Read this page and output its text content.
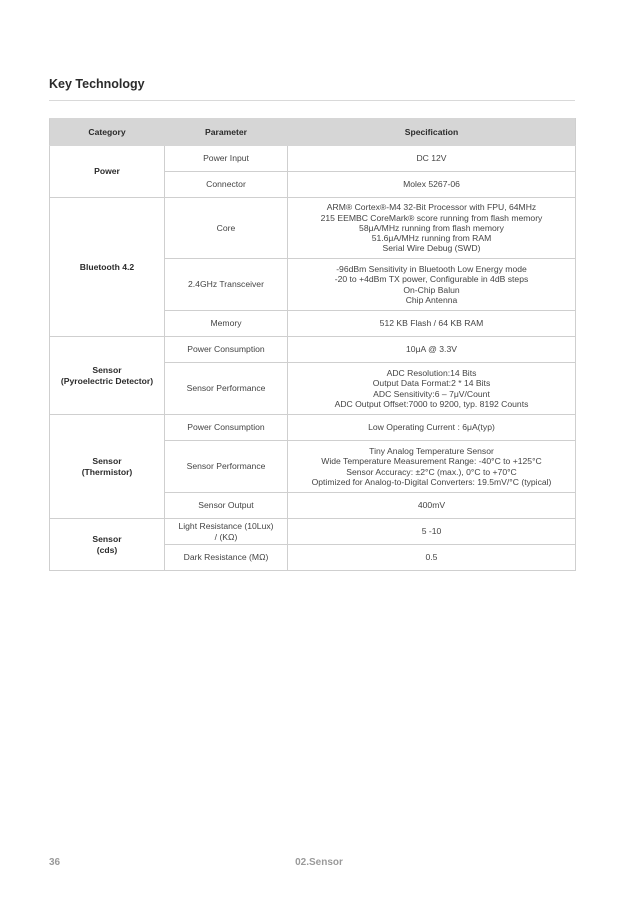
Key Technology
Category	Parameter	Specification
Power	Power Input	DC 12V
	Connector	Molex 5267-06
Bluetooth 4.2	Core	ARM® Cortex®-M4 32-Bit Processor with FPU, 64MHz
215 EEMBC CoreMark® score running from flash memory
58μA/MHz running from flash memory
51.6μA/MHz running from RAM
Serial Wire Debug (SWD)

	2.4GHz Transceiver	-96dBm Sensitivity in Bluetooth Low Energy mode
-20 to +4dBm TX power, Configurable in 4dB steps
On-Chip Balun
Chip Antenna

	Memory	512 KB Flash / 64 KB RAM

Sensor
(Pyroelectric Detector)	Power Consumption	10μA @ 3.3V
	Sensor Performance	ADC Resolution:14 Bits
Output Data Format:2 * 14 Bits
ADC Sensitivity:6 – 7μV/Count
ADC Output Offset:7000 to 9200, typ. 8192 Counts

Sensor
(Thermistor)	Power Consumption	Low Operating Current : 6μA(typ)
	Sensor Performance	Tiny Analog Temperature Sensor
Wide Temperature Measurement Range: -40°C to +125°C
Sensor Accuracy: ±2°C (max.), 0°C to +70°C
Optimized for Analog-to-Digital Converters: 19.5mV/°C (typical)

	Sensor Output	400mV

Sensor
(cds)	Light Resistance (10Lux)
/ (KΩ)	5 -10
	Dark Resistance (MΩ)	0.5
36	02.Sensor
